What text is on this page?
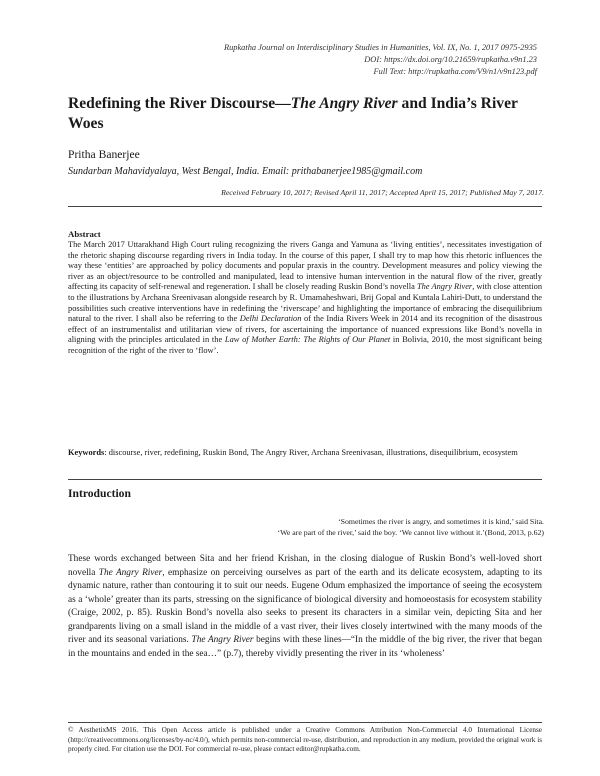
Rupkatha Journal on Interdisciplinary Studies in Humanities, Vol. IX, No. 1, 2017 0975-2935
DOI: https://dx.doi.org/10.21659/rupkatha.v9n1.23
Full Text: http://rupkatha.com/V9/n1/v9n123.pdf
Redefining the River Discourse—The Angry River and India’s River Woes
Pritha Banerjee
Sundarban Mahavidyalaya, West Bengal, India. Email: prithabanerjee1985@gmail.com
Received February 10, 2017; Revised April 11, 2017; Accepted April 15, 2017; Published May 7, 2017.
Abstract

The March 2017 Uttarakhand High Court ruling recognizing the rivers Ganga and Yamuna as ‘living entities’, necessitates investigation of the rhetoric shaping discourse regarding rivers in India today. In the course of this paper, I shall try to map how this rhetoric influences the way these ‘entities’ are approached by policy documents and popular praxis in the country. Development measures and policy viewing the river as an object/resource to be controlled and manipulated, lead to intensive human intervention in the natural flow of the river, greatly affecting its capacity of self-renewal and regeneration. I shall be closely reading Ruskin Bond’s novella The Angry River, with close attention to the illustrations by Archana Sreenivasan alongside research by R. Umamaheshwari, Brij Gopal and Kuntala Lahiri-Dutt, to understand the possibilities such creative interventions have in redefining the ‘riverscape’ and highlighting the importance of embracing the disequilibrium natural to the river. I shall also be referring to the Delhi Declaration of the India Rivers Week in 2014 and its recognition of the disastrous effect of an instrumentalist and utilitarian view of rivers, for ascertaining the importance of nuanced expressions like Bond’s novella in aligning with the principles articulated in the Law of Mother Earth: The Rights of Our Planet in Bolivia, 2010, the most significant being recognition of the right of the river to ‘flow’.

Keywords: discourse, river, redefining, Ruskin Bond, The Angry River, Archana Sreenivasan, illustrations, disequilibrium, ecosystem
Introduction
‘Sometimes the river is angry, and sometimes it is kind,’ said Sita.
‘We are part of the river,’ said the boy. ‘We cannot live without it.’(Bond, 2013, p.62)

These words exchanged between Sita and her friend Krishan, in the closing dialogue of Ruskin Bond’s well-loved short novella The Angry River, emphasize on perceiving ourselves as part of the earth and its delicate ecosystem, adapting to its dynamic nature, rather than contouring it to suit our needs. Eugene Odum emphasized the importance of seeing the ecosystem as a ‘whole’ greater than its parts, stressing on the significance of biological diversity and homoeostasis for ecosystem stability (Craige, 2002, p. 85). Ruskin Bond’s novella also seeks to present its characters in a similar vein, depicting Sita and her grandparents living on a small island in the middle of a vast river, their lives closely intertwined with the many moods of the river and its seasonal variations. The Angry River begins with these lines—“In the middle of the big river, the river that began in the mountains and ended in the sea…” (p.7), thereby vividly presenting the river in its ‘wholeness’

© AesthetixMS 2016. This Open Access article is published under a Creative Commons Attribution Non-Commercial 4.0 International License (http://creativecommons.org/licenses/by-nc/4.0/), which permits non-commercial re-use, distribution, and reproduction in any medium, provided the original work is properly cited. For citation use the DOI. For commercial re-use, please contact editor@rupkatha.com.
